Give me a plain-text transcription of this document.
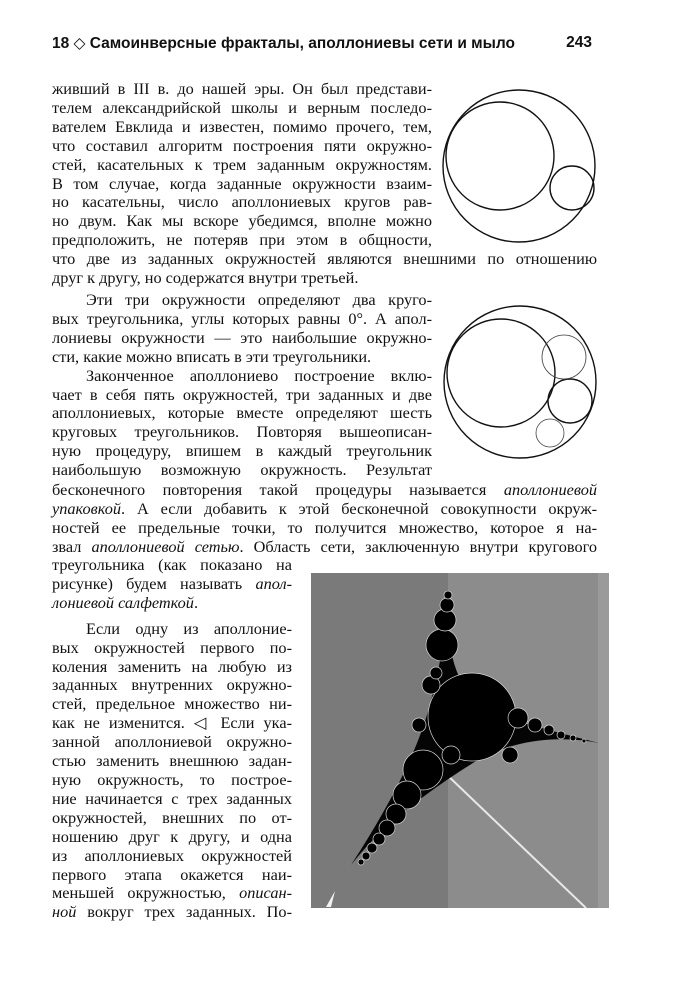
18 ◇ Самоинверсные фракталы, аполлониевы сети и мыло	243
живший в III в. до нашей эры. Он был представи-
телем александрийской школы и верным последо-
вателем Евклида и известен, помимо прочего, тем,
что составил алгоритм построения пяти окружно-
стей, касательных к трем заданным окружностям.
В том случае, когда заданные окружности взаим-
но касательны, число аполлониевых кругов рав-
но двум. Как мы вскоре убедимся, вполне можно
предположить, не потеряв при этом в общности,
что две из заданных окружностей являются внешними по отношению
друг к другу, но содержатся внутри третьей.
Эти три окружности определяют два круго-
вых треугольника, углы которых равны 0°. А апол-
лониевы окружности — это наибольшие окружно-
сти, какие можно вписать в эти треугольники.
Законченное аполлониево построение вклю-
чает в себя пять окружностей, три заданных и две
аполлониевых, которые вместе определяют шесть
круговых треугольников. Повторяя вышеописан-
ную процедуру, впишем в каждый треугольник
наибольшую возможную окружность. Результат
бесконечного повторения такой процедуры называется аполлониевой
упаковкой. А если добавить к этой бесконечной совокупности окруж-
ностей ее предельные точки, то получится множество, которое я на-
звал аполлониевой сетью. Область сети, заключенную внутри кругового
треугольника (как показано на
рисунке) будем называть апол-
лониевой салфеткой.
Если одну из аполлоние-
вых окружностей первого по-
коления заменить на любую из
заданных внутренних окружно-
стей, предельное множество ни-
как не изменится. ◁ Если ука-
занной аполлониевой окружно-
стью заменить внешнюю задан-
ную окружность, то построе-
ние начинается с трех заданных
окружностей, внешних по от-
ношению друг к другу, и одна
из аполлониевых окружностей
первого этапа окажется наи-
меньшей окружностью, описан-
ной вокруг трех заданных. По-
